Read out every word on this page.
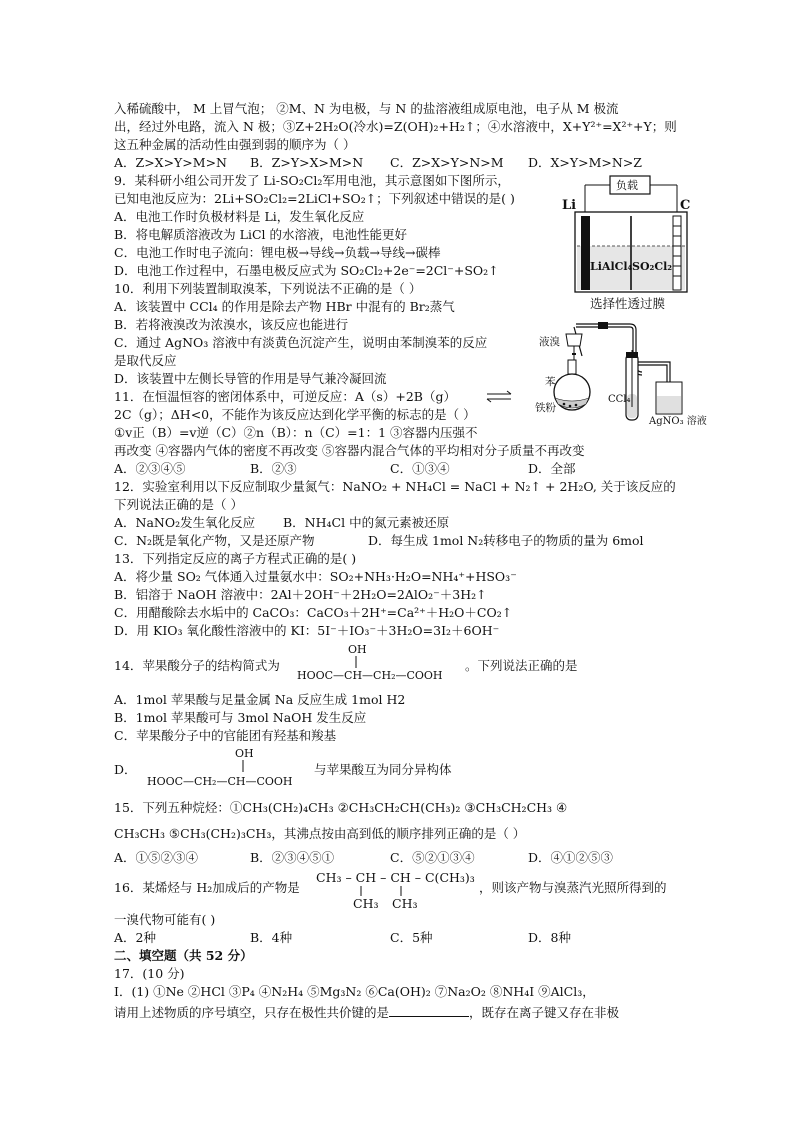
入稀硫酸中， M 上冒气泡； ②M、N 为电极，与 N 的盐溶液组成原电池，电子从 M 极流
出，经过外电路，流入 N 极；③Z+2H₂O(冷水)=Z(OH)₂+H₂↑；④水溶液中，X+Y²⁺=X²⁺+Y；则
这五种金属的活动性由强到弱的顺序为（ ）
A．Z>X>Y>M>N B．Z>Y>X>M>N C．Z>X>Y>N>M D．X>Y>M>N>Z
9．某科研小组公司开发了 Li-SO₂Cl₂军用电池，其示意图如下图所示，
已知电池反应为：2Li+SO₂Cl₂=2LiCl+SO₂↑；下列叙述中错误的是( )
A．电池工作时负极材料是 Li，发生氧化反应
B．将电解质溶液改为 LiCl 的水溶液，电池性能更好
C．电池工作时电子流向：锂电极→导线→负载→导线→碳棒
D．电池工作过程中，石墨电极反应式为 SO₂Cl₂+2e⁻=2Cl⁻+SO₂↑
Li	C
负载
LiAlCl₄ SO₂Cl₂
选择性透过膜
10．利用下列装置制取溴苯，下列说法不正确的是（ ）
A．该装置中 CCl₄ 的作用是除去产物 HBr 中混有的 Br₂蒸气
B．若将液溴改为浓溴水，该反应也能进行
C．通过 AgNO₃ 溶液中有淡黄色沉淀产生，说明由苯制溴苯的反应
是取代反应
D．该装置中左侧长导管的作用是导气兼冷凝回流
液溴
苯
铁粉
CCl₄
AgNO₃ 溶液
11．在恒温恒容的密闭体系中，可逆反应：A（s）+2B（g）
2C（g）；ΔH<0，不能作为该反应达到化学平衡的标志的是（ ）
①v正（B）=v逆（C）②n（B）：n（C）=1：1 ③容器内压强不
再改变 ④容器内气体的密度不再改变 ⑤容器内混合气体的平均相对分子质量不再改变
A．②③④⑤	B．②③	C．①③④	D．全部
12．实验室利用以下反应制取少量氮气：NaNO₂ + NH₄Cl = NaCl + N₂↑ + 2H₂O, 关于该反应的
下列说法正确的是（ ）
A．NaNO₂发生氧化反应 B．NH₄Cl 中的氮元素被还原
C．N₂既是氧化产物，又是还原产物	D．每生成 1mol N₂转移电子的物质的量为 6mol
13．下列指定反应的离子方程式正确的是( )
A．将少量 SO₂ 气体通入过量氨水中：SO₂+NH₃·H₂O=NH₄⁺+HSO₃⁻
B．铝溶于 NaOH 溶液中：2Al＋2OH⁻＋2H₂O=2AlO₂⁻＋3H₂↑
C．用醋酸除去水垢中的 CaCO₃：CaCO₃＋2H⁺=Ca²⁺＋H₂O＋CO₂↑
D．用 KIO₃ 氧化酸性溶液中的 KI：5I⁻＋IO₃⁻＋3H₂O=3I₂＋6OH⁻
14．苹果酸分子的结构简式为
OH
HOOC—CH—CH₂—COOH
。下列说法正确的是
A．1mol 苹果酸与足量金属 Na 反应生成 1mol H2
B．1mol 苹果酸可与 3mol NaOH 发生反应
C．苹果酸分子中的官能团有羟基和羧基
D．
OH
HOOC—CH₂—CH—COOH
与苹果酸互为同分异构体
15．下列五种烷烃：①CH₃(CH₂)₄CH₃ ②CH₃CH₂CH(CH₃)₂ ③CH₃CH₂CH₃ ④
CH₃CH₃ ⑤CH₃(CH₂)₃CH₃，其沸点按由高到低的顺序排列正确的是（ ）
A．①⑤②③④	B．②③④⑤①	C．⑤②①③④	D．④①②⑤③
16．某烯烃与 H₂加成后的产物是
CH₃ – CH – CH – C(CH₃)₃
CH₃ CH₃
，则该产物与溴蒸汽光照所得到的
一溴代物可能有( )
A．2种	B．4种	C．5种	D．8种
二、填空题（共 52 分）
17．(10 分)
Ⅰ．(1) ①Ne ②HCl ③P₄ ④N₂H₄ ⑤Mg₃N₂ ⑥Ca(OH)₂ ⑦Na₂O₂ ⑧NH₄I ⑨AlCl₃，
请用上述物质的序号填空，只存在极性共价键的是	，既存在离子键又存在非极
